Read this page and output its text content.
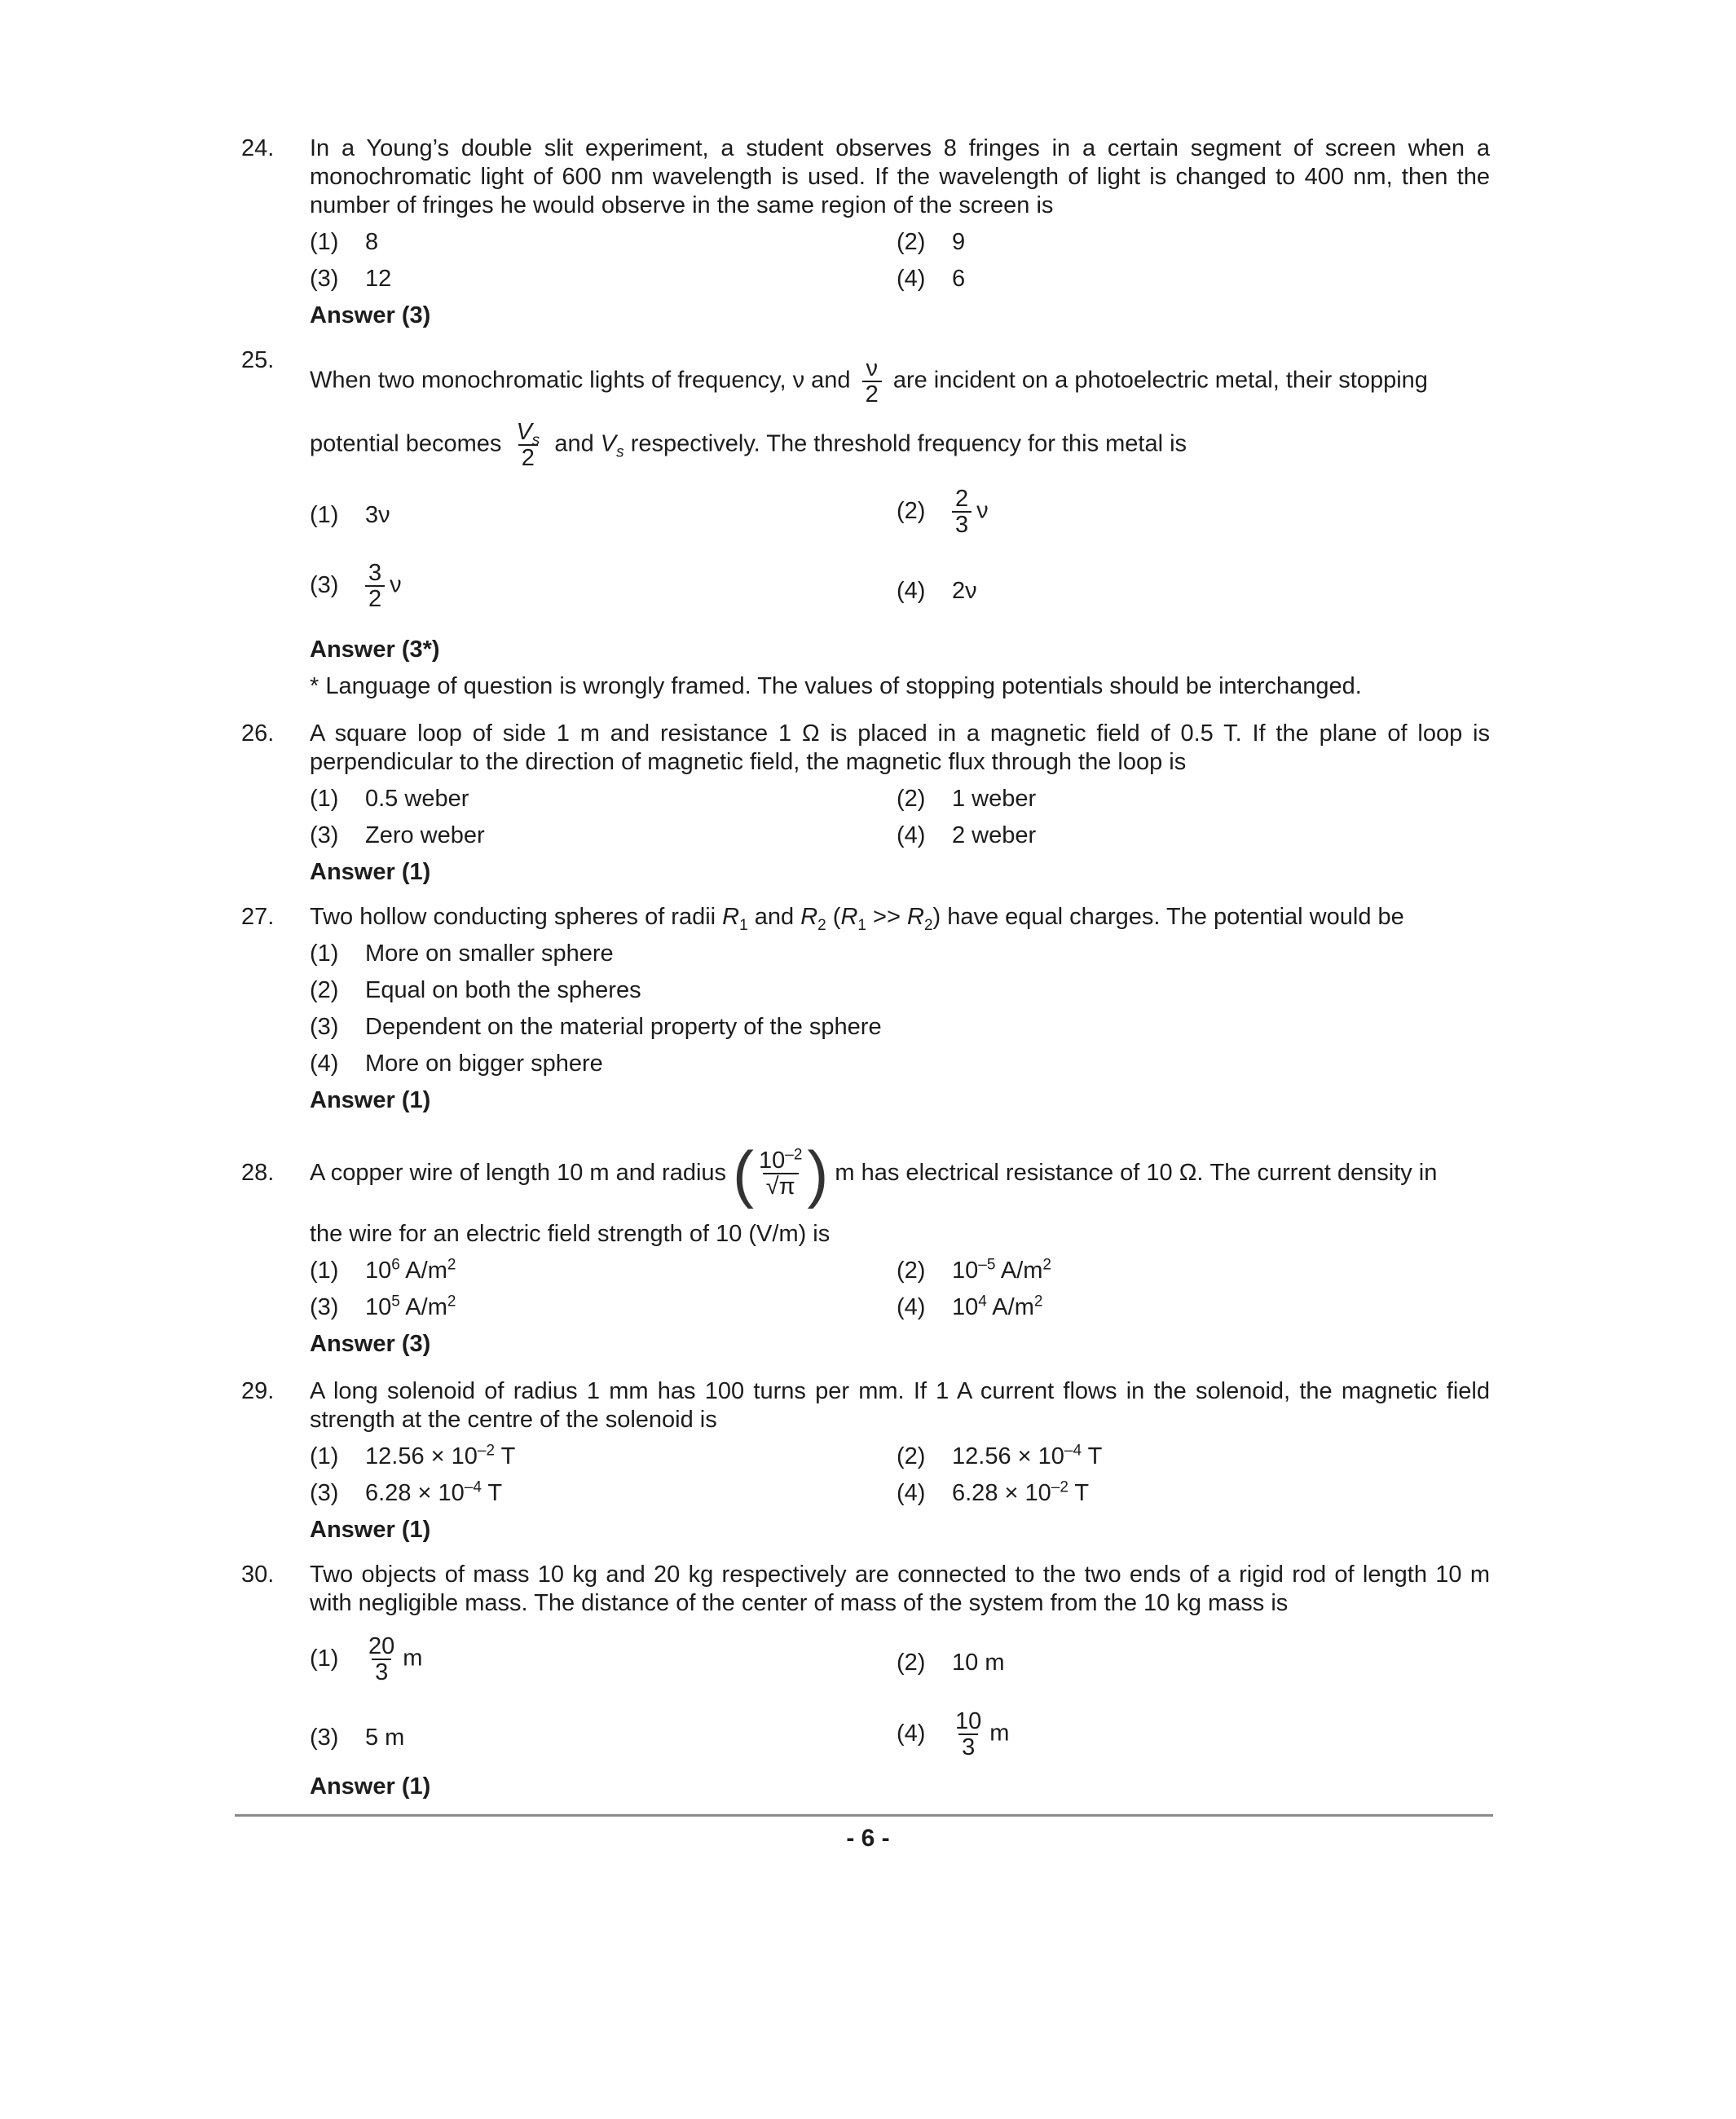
24. In a Young’s double slit experiment, a student observes 8 fringes in a certain segment of screen when a monochromatic light of 600 nm wavelength is used. If the wavelength of light is changed to 400 nm, then the number of fringes he would observe in the same region of the screen is
(1) 8	(2) 9
(3) 12	(4) 6
Answer (3)
25.
When two monochromatic lights of frequency, ν and $\frac{\nu}{2}$ are incident on a photoelectric metal, their stopping
potential becomes $\frac{V_s}{2}$ and $V_s$ respectively. The threshold frequency for this metal is
(1) 3ν	$(2) \frac{2}{3}$ ν
$(3) \frac{3}{2}$ ν	(4) 2ν
Answer (3*)
* Language of question is wrongly framed. The values of stopping potentials should be interchanged.
26. A square loop of side 1 m and resistance 1 Ω is placed in a magnetic field of 0.5 T. If the plane of loop is perpendicular to the direction of magnetic field, the magnetic flux through the loop is
(1) 0.5 weber	(2) 1 weber
(3) Zero weber	(4) 2 weber
Answer (1)
27. Two hollow conducting spheres of radii $R_1$ and $R_2$ $(R_1 >> R_2)$ have equal charges. The potential would be
(1) More on smaller sphere
(2) Equal on both the spheres
(3) Dependent on the material property of the sphere
(4) More on bigger sphere
Answer (1)
28. A copper wire of length 10 m and radius ( $\frac{10^{-2}}{√\pi}$ ) m has electrical resistance of 10 Ω. The current density in
the wire for an electric field strength of 10 (V/m) is
(1) $10^6$ $A/m^2$	(2) $10^{-5}$ $A/m^2$
(3) $10^5$ $A/m^2$	(4) $10^4$ $A/m^2$
Answer (3)
29. A long solenoid of radius 1 mm has 100 turns per mm. If 1 A current flows in the solenoid, the magnetic field strength at the centre of the solenoid is
(1) $12.56 \times 10^{-2}$ T	(2) $12.56 \times 10^{-4}$ T
(3) $6.28 \times 10^{-4}$ T	(4) $6.28 \times 10^{-2}$ T
Answer (1)
30. Two objects of mass 10 kg and 20 kg respectively are connected to the two ends of a rigid rod of length 10 m with negligible mass. The distance of the center of mass of the system from the 10 kg mass is
$(1) \frac{20}{3}$ m	(2) 10 m
(3) 5 m	$(4) \frac{10}{3}$ m
Answer (1)
- 6 -
